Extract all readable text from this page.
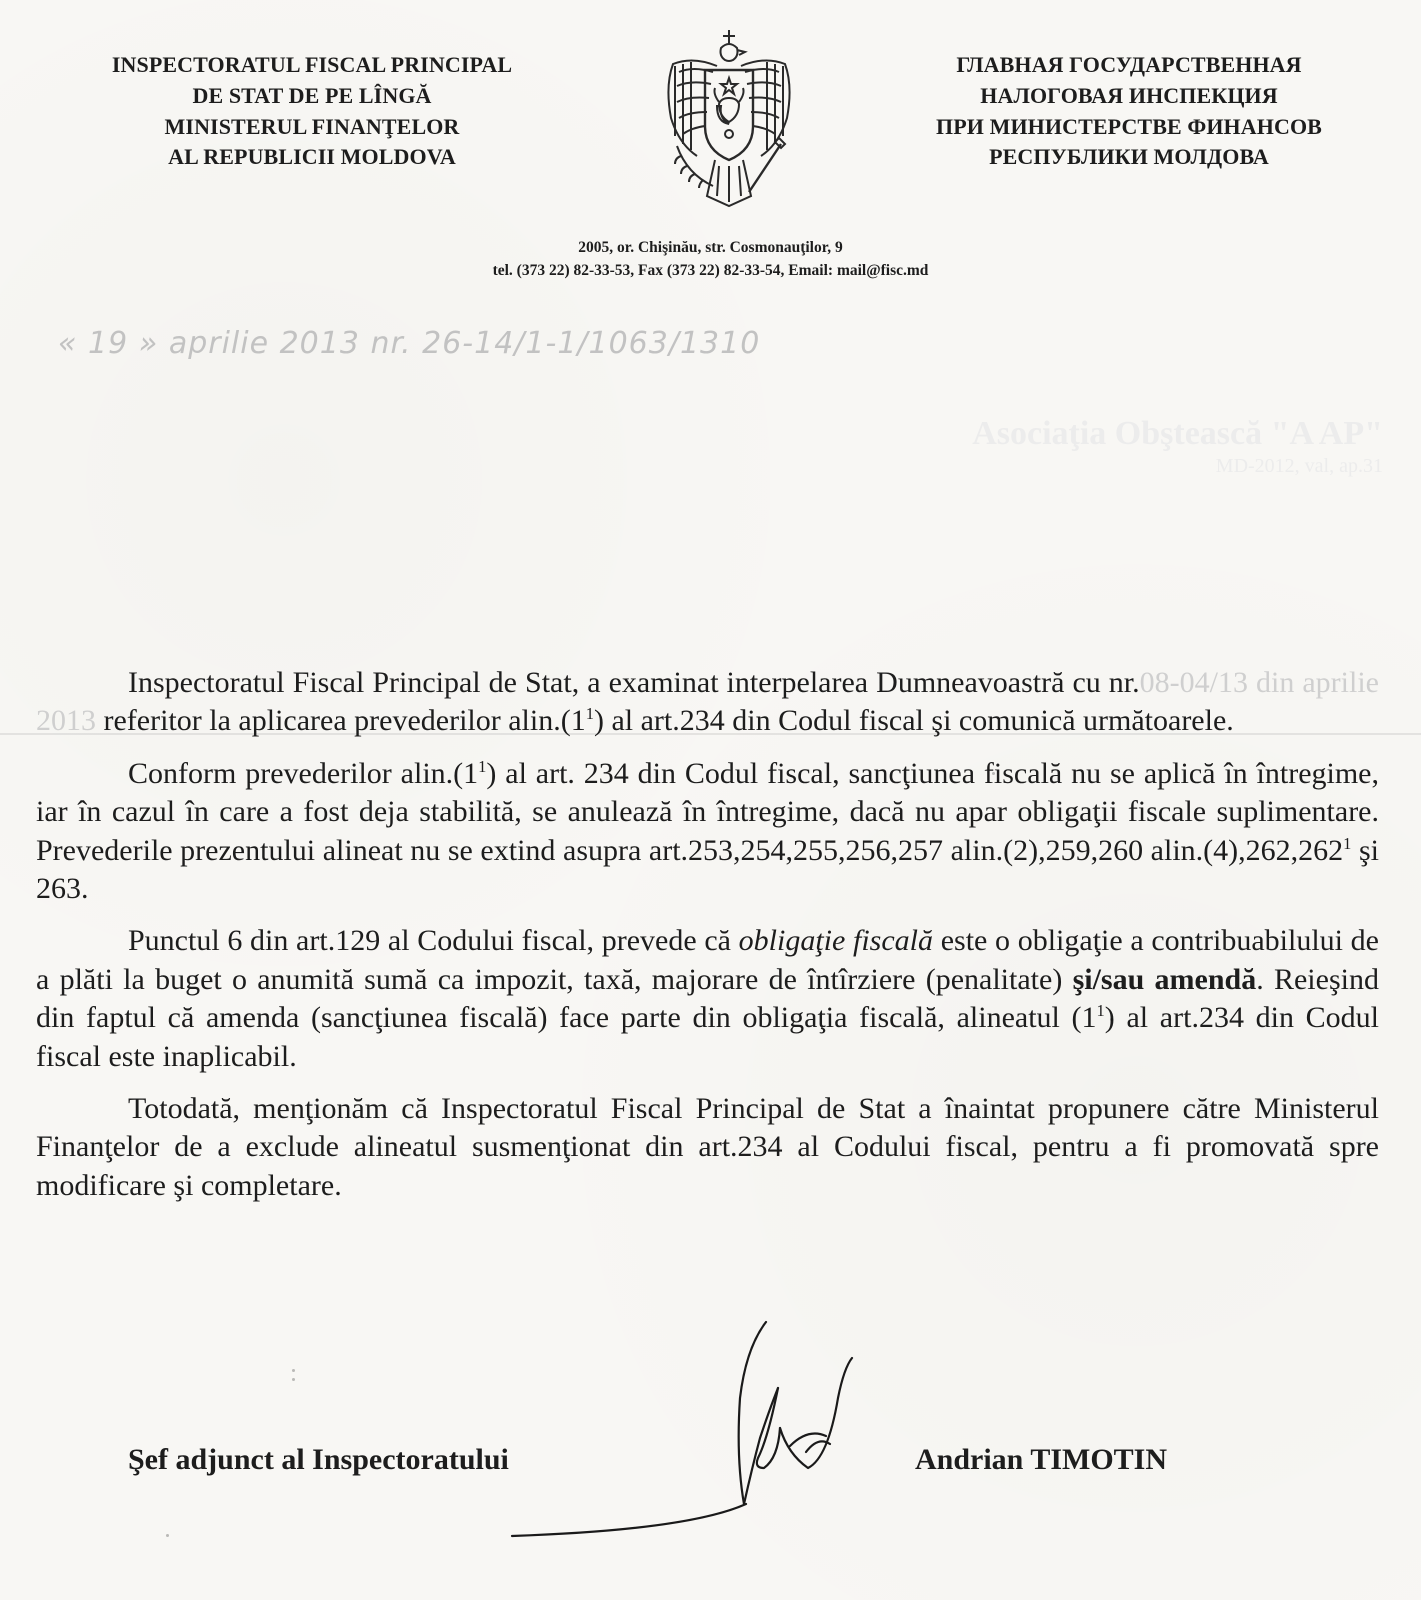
INSPECTORATUL FISCAL PRINCIPAL
DE STAT DE PE LÎNGĂ
MINISTERUL FINANŢELOR
AL REPUBLICII MOLDOVA
ГЛАВНАЯ ГОСУДАРСТВЕННАЯ
НАЛОГОВАЯ ИНСПЕКЦИЯ
ПРИ МИНИСТЕРСТВЕ ФИНАНСОВ
РЕСПУБЛИКИ МОЛДОВА
2005, or. Chişinău, str. Cosmonauţilor, 9
tel. (373 22) 82-33-53, Fax (373 22) 82-33-54, Email: mail@fisc.md
« 19 » aprilie 2013 nr. 26-14/1-1/1063/1310
Asociaţia Obştească "A AP"
MD-2012, val, ap.31

Inspectoratul Fiscal Principal de Stat, a examinat interpelarea Dumneavoastră cu nr.08-04/13 din aprilie 2013 referitor la aplicarea prevederilor $alin.(1^1)$ al art.234 din Codul fiscal şi comunică următoarele.

Conform prevederilor $alin.(1^1)$ al art. 234 din Codul fiscal, sancţiunea fiscală nu se aplică în întregime, iar în cazul în care a fost deja stabilită, se anulează în întregime, dacă nu apar obligaţii fiscale suplimentare. Prevederile prezentului alineat nu se extind asupra art.253,254,255,256,257 alin.(2),259,260 alin.(4),262,262$^1$ şi 263.

Punctul 6 din art.129 al Codului fiscal, prevede că obligaţie fiscală este o obligaţie a contribuabilului de a plăti la buget o anumită sumă ca impozit, taxă, majorare de întîrziere (penalitate) şi/sau amendă. Reieşind din faptul că amenda (sancţiunea fiscală) face parte din obligaţia fiscală, alineatul $(1^1)$ al art.234 din Codul fiscal este inaplicabil.

Totodată, menţionăm că Inspectoratul Fiscal Principal de Stat a înaintat propunere către Ministerul Finanţelor de a exclude alineatul susmenţionat din art.234 al Codului fiscal, pentru a fi promovată spre modificare şi completare.

Şef adjunct al Inspectoratului	Andrian TIMOTIN
